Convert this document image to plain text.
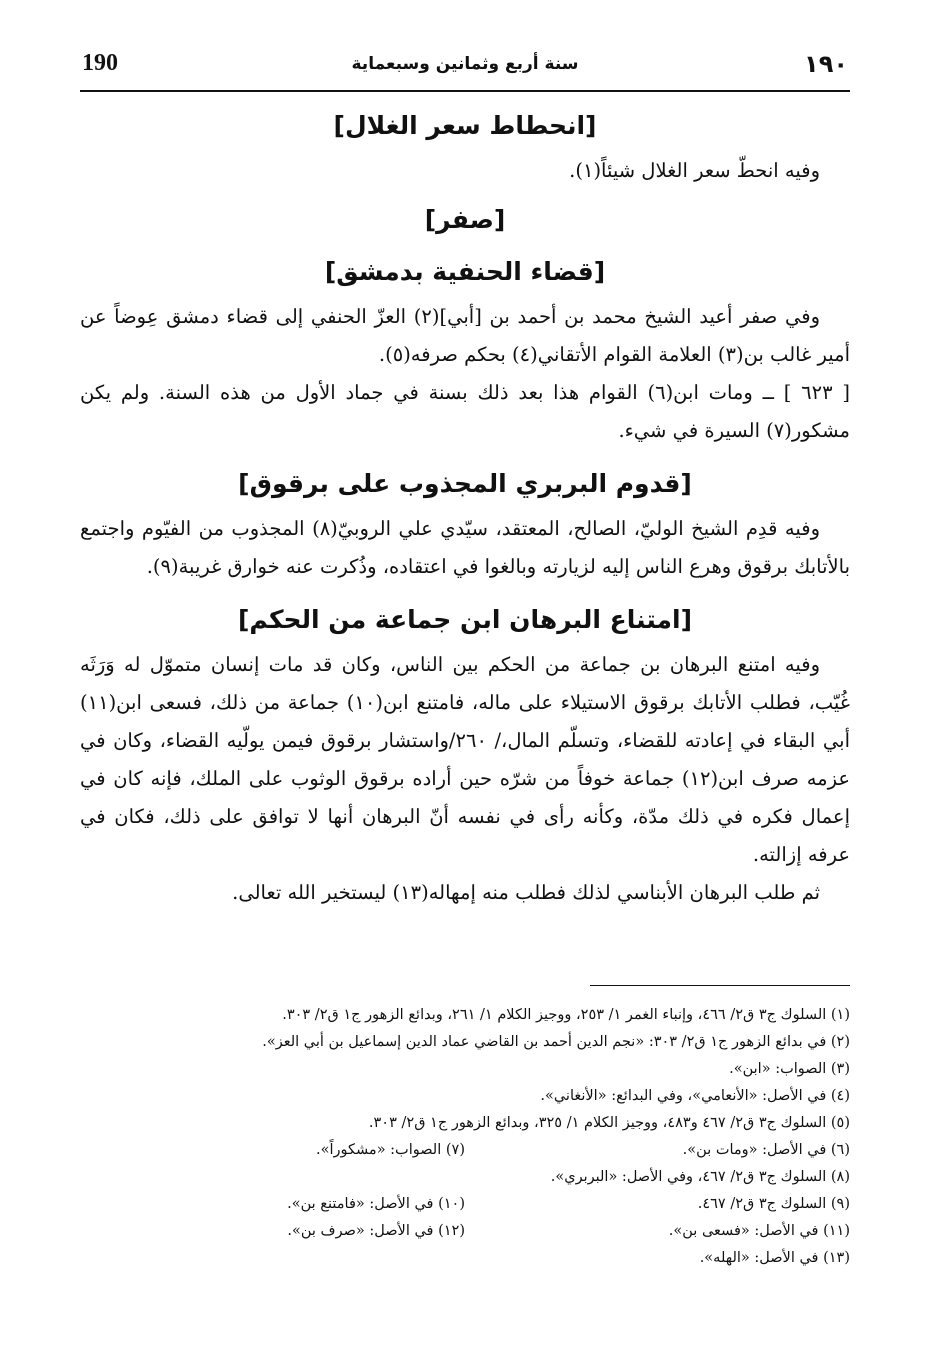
190	سنة أربع وثمانين وسبعماية	١٩٠
[انحطاط سعر الغلال]

وفيه انحطّ سعر الغلال شيئاً(١).

[صفر]
[قضاء الحنفية بدمشق]

وفي صفر أعيد الشيخ محمد بن أحمد بن [أبي](٢) العزّ الحنفي إلى قضاء دمشق عِوضاً عن أمير غالب بن(٣) العلامة القوام الأتقاني(٤) بحكم صرفه(٥).

[ ٦٢٣ ] ــ ومات ابن(٦) القوام هذا بعد ذلك بسنة في جماد الأول من هذه السنة. ولم يكن مشكور(٧) السيرة في شيء.

[قدوم البربري المجذوب على برقوق]

وفيه قدِم الشيخ الوليّ، الصالح، المعتقد، سيّدي علي الروبيّ(٨) المجذوب من الفيّوم واجتمع بالأتابك برقوق وهرع الناس إليه لزيارته وبالغوا في اعتقاده، وذُكرت عنه خوارق غريبة(٩).

[امتناع البرهان ابن جماعة من الحكم]

وفيه امتنع البرهان بن جماعة من الحكم بين الناس، وكان قد مات إنسان متموّل له وَرَثَه غُيّب، فطلب الأتابك برقوق الاستيلاء على ماله، فامتنع ابن(١٠) جماعة من ذلك، فسعى ابن(١١) أبي البقاء في إعادته للقضاء، وتسلّم المال،/ ٢٦٠/واستشار برقوق فيمن يولّيه القضاء، وكان في عزمه صرف ابن(١٢) جماعة خوفاً من شرّه حين أراده برقوق الوثوب على الملك، فإنه كان في إعمال فكره في ذلك مدّة، وكأنه رأى في نفسه أنّ البرهان أنها لا توافق على ذلك، فكان في عرفه إزالته.

ثم طلب البرهان الأبناسي لذلك فطلب منه إمهاله(١٣) ليستخير الله تعالى.

(١) السلوك ج٣ ق٢/ ٤٦٦، وإنباء الغمر ١/ ٢٥٣، ووجيز الكلام ١/ ٢٦١، وبدائع الزهور ج١ ق٢/ ٣٠٣.

(٢) في بدائع الزهور ج١ ق٢/ ٣٠٣: «نجم الدين أحمد بن القاضي عماد الدين إسماعيل بن أبي العز».

(٣) الصواب: «ابن».

(٤) في الأصل: «الأنعامي»، وفي البدائع: «الأنغاني».

(٥) السلوك ج٣ ق٢/ ٤٦٧ و٤٨٣، ووجيز الكلام ١/ ٣٢٥، وبدائع الزهور ج١ ق٢/ ٣٠٣.

(٦) في الأصل: «ومات بن».
(٧) الصواب: «مشكوراً».

(٨) السلوك ج٣ ق٢/ ٤٦٧، وفي الأصل: «البربري».

(٩) السلوك ج٣ ق٢/ ٤٦٧.
(١٠) في الأصل: «فامتنع بن».
(١١) في الأصل: «فسعى بن».
(١٢) في الأصل: «صرف بن».

(١٣) في الأصل: «الهله».
